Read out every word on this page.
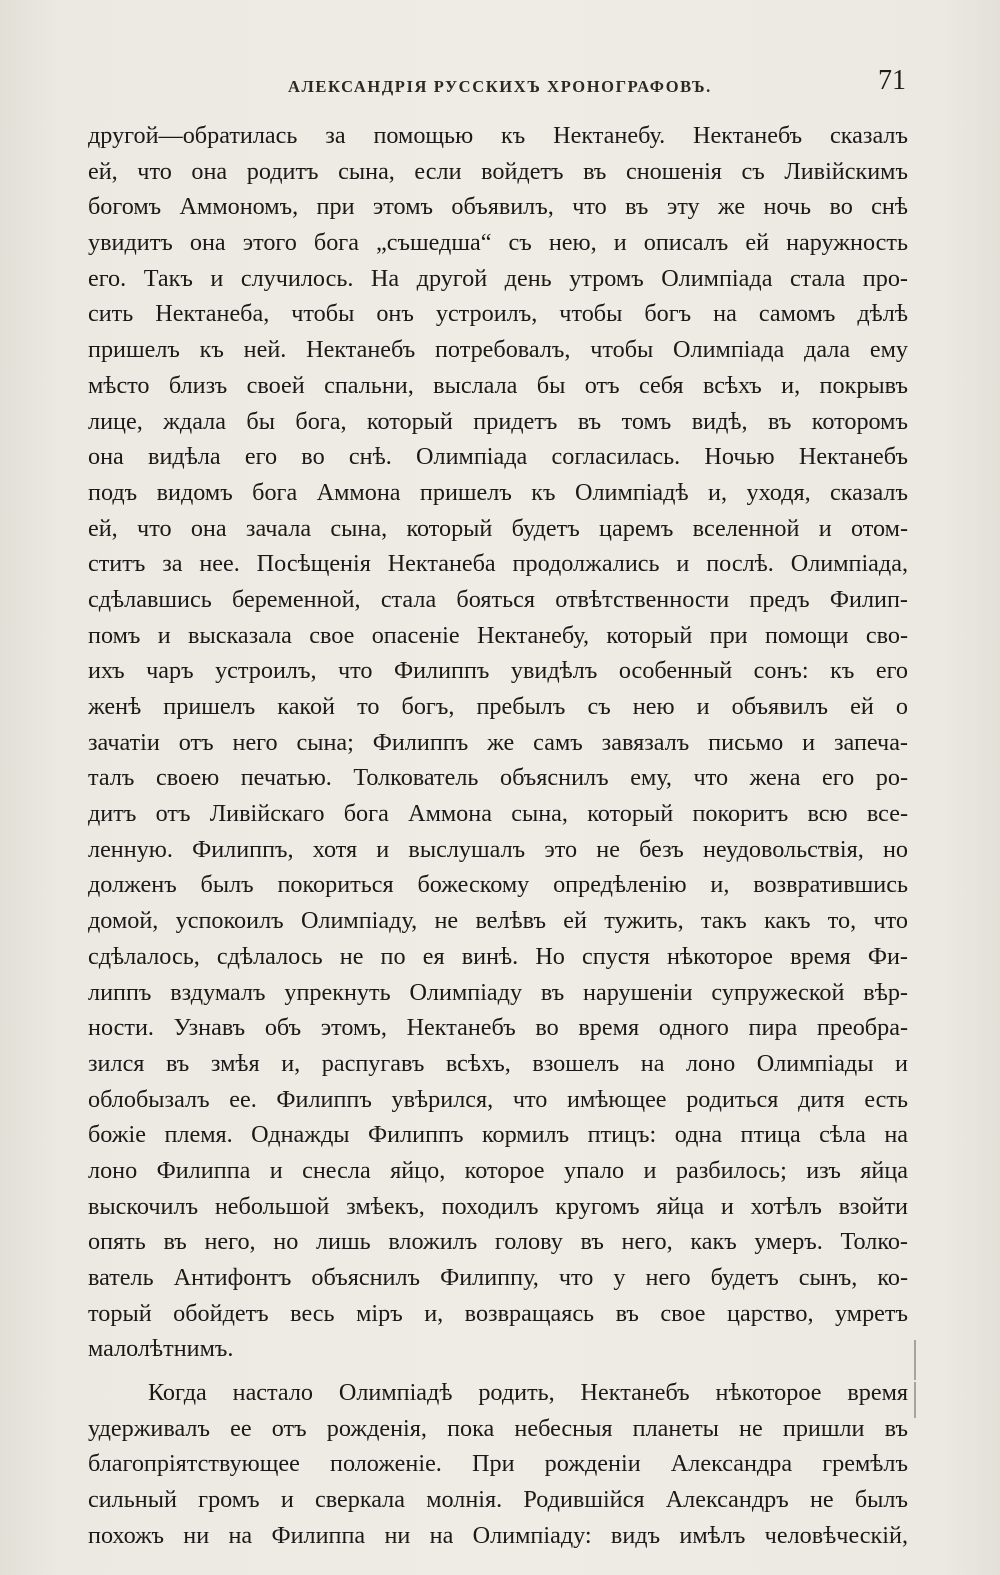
АЛЕКСАНДРІЯ РУССКИХЪ ХРОНОГРАФОВЪ.	71
другой—обратилась за помощью къ Нектанебу. Нектанебъ сказалъ
ей, что она родитъ сына, если войдетъ въ сношенія съ Ливійскимъ
богомъ Аммономъ, при этомъ объявилъ, что въ эту же ночь во снѣ
увидитъ она этого бога „съшедша“ съ нею, и описалъ ей наружность
его. Такъ и случилось. На другой день утромъ Олимпіада стала про-
сить Нектанеба, чтобы онъ устроилъ, чтобы богъ на самомъ дѣлѣ
пришелъ къ ней. Нектанебъ потребовалъ, чтобы Олимпіада дала ему
мѣсто близъ своей спальни, выслала бы отъ себя всѣхъ и, покрывъ
лице, ждала бы бога, который придетъ въ томъ видѣ, въ которомъ
она видѣла его во снѣ. Олимпіада согласилась. Ночью Нектанебъ
подъ видомъ бога Аммона пришелъ къ Олимпіадѣ и, уходя, сказалъ
ей, что она зачала сына, который будетъ царемъ вселенной и отом-
ститъ за нее. Посѣщенія Нектанеба продолжались и послѣ. Олимпіада,
сдѣлавшись беременной, стала бояться отвѣтственности предъ Филип-
помъ и высказала свое опасеніе Нектанебу, который при помощи сво-
ихъ чаръ устроилъ, что Филиппъ увидѣлъ особенный сонъ: къ его
женѣ пришелъ какой то богъ, пребылъ съ нею и объявилъ ей о
зачатіи отъ него сына; Филиппъ же самъ завязалъ письмо и запеча-
талъ своею печатью. Толкователь объяснилъ ему, что жена его ро-
дитъ отъ Ливійскаго бога Аммона сына, который покоритъ всю все-
ленную. Филиппъ, хотя и выслушалъ это не безъ неудовольствія, но
долженъ былъ покориться божескому опредѣленію и, возвратившись
домой, успокоилъ Олимпіаду, не велѣвъ ей тужить, такъ какъ то, что
сдѣлалось, сдѣлалось не по ея винѣ. Но спустя нѣкоторое время Фи-
липпъ вздумалъ упрекнуть Олимпіаду въ нарушеніи супружеской вѣр-
ности. Узнавъ объ этомъ, Нектанебъ во время одного пира преобра-
зился въ змѣя и, распугавъ всѣхъ, взошелъ на лоно Олимпіады и
облобызалъ ее. Филиппъ увѣрился, что имѣющее родиться дитя есть
божіе племя. Однажды Филиппъ кормилъ птицъ: одна птица сѣла на
лоно Филиппа и снесла яйцо, которое упало и разбилось; изъ яйца
выскочилъ небольшой змѣекъ, походилъ кругомъ яйца и хотѣлъ взойти
опять въ него, но лишь вложилъ голову въ него, какъ умеръ. Толко-
ватель Антифонтъ объяснилъ Филиппу, что у него будетъ сынъ, ко-
торый обойдетъ весь міръ и, возвращаясь въ свое царство, умретъ
малолѣтнимъ.
Когда настало Олимпіадѣ родить, Нектанебъ нѣкоторое время
удерживалъ ее отъ рожденія, пока небесныя планеты не пришли въ
благопріятствующее положеніе. При рожденіи Александра гремѣлъ
сильный громъ и сверкала молнія. Родившійся Александръ не былъ
похожъ ни на Филиппа ни на Олимпіаду: видъ имѣлъ человѣческій,
